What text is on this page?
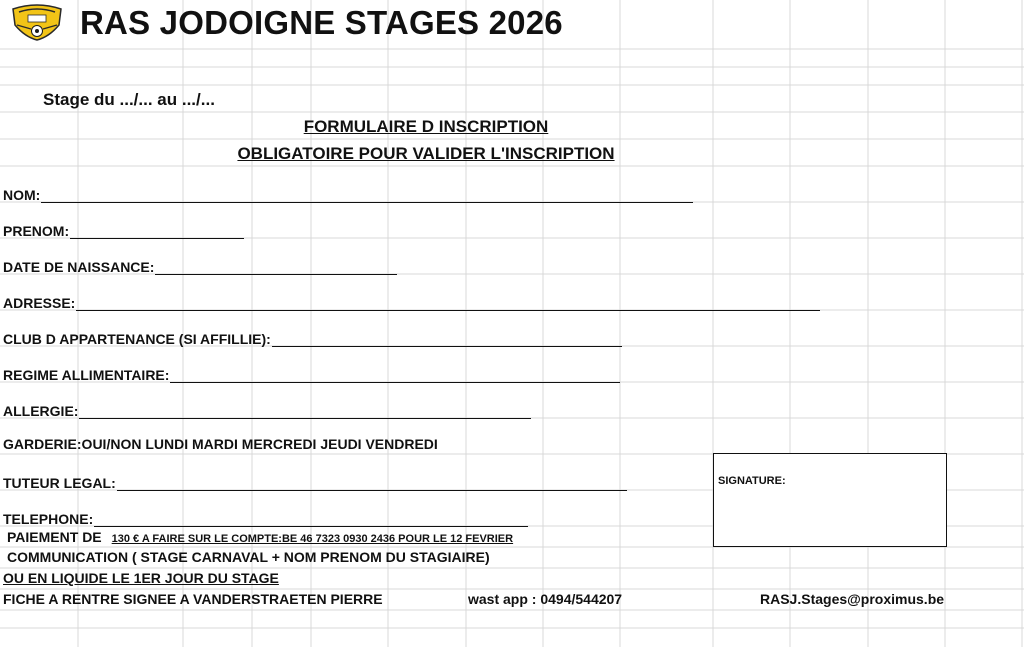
RAS JODOIGNE STAGES 2026
Stage du .../... au .../...
FORMULAIRE D INSCRIPTION
OBLIGATOIRE POUR VALIDER L'INSCRIPTION
NOM:
PRENOM:
DATE DE NAISSANCE:
ADRESSE:
CLUB D APPARTENANCE (SI AFFILLIE):
REGIME ALLIMENTAIRE:
ALLERGIE:
GARDERIE:OUI/NON LUNDI MARDI MERCREDI JEUDI VENDREDI
TUTEUR LEGAL:
TELEPHONE:
SIGNATURE:
PAIEMENT DE 130 € A FAIRE SUR LE COMPTE:BE 46 7323 0930 2436 POUR LE 12 FEVRIER
COMMUNICATION ( STAGE CARNAVAL + NOM PRENOM DU STAGIAIRE)
OU EN LIQUIDE LE 1ER JOUR DU STAGE
FICHE A RENTRE SIGNEE A VANDERSTRAETEN PIERRE	wast app : 0494/544207	RASJ.Stages@proximus.be
